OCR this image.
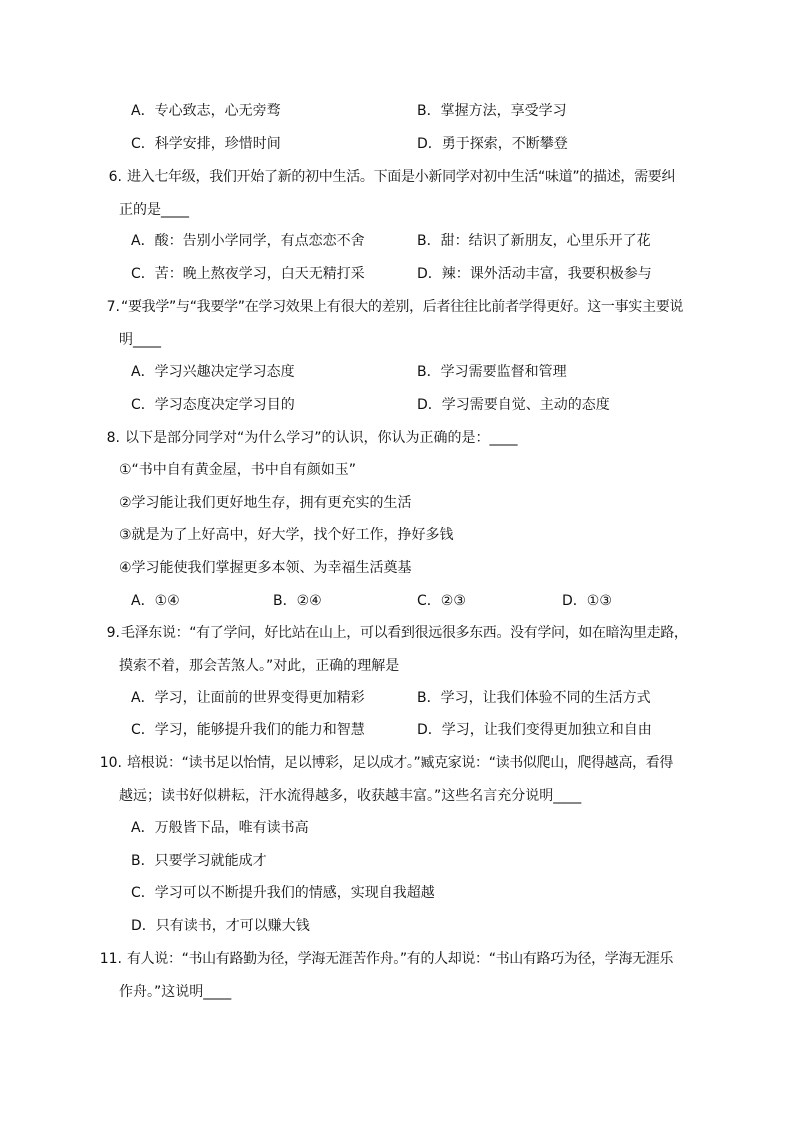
A．专心致志，心无旁骛	B．掌握方法，享受学习
C．科学安排，珍惜时间	D．勇于探索，不断攀登
6. 进入七年级，我们开始了新的初中生活。下面是小新同学对初中生活“味道”的描述，需要纠
正的是____
A．酸：告别小学同学，有点恋恋不舍	B．甜：结识了新朋友，心里乐开了花
C．苦：晚上熬夜学习，白天无精打采	D．辣：课外活动丰富，我要积极参与
7. “要我学”与“我要学”在学习效果上有很大的差别，后者往往比前者学得更好。这一事实主要说
明____
A．学习兴趣决定学习态度	B．学习需要监督和管理
C．学习态度决定学习目的	D．学习需要自觉、主动的态度
8. 以下是部分同学对“为什么学习”的认识，你认为正确的是：____
①“书中自有黄金屋，书中自有颜如玉”
②学习能让我们更好地生存，拥有更充实的生活
③就是为了上好高中，好大学，找个好工作，挣好多钱
④学习能使我们掌握更多本领、为幸福生活奠基
A．①④	B．②④	C．②③	D．①③
9. 毛泽东说：“有了学问，好比站在山上，可以看到很远很多东西。没有学问，如在暗沟里走路，
摸索不着，那会苦煞人。”对此，正确的理解是
A．学习，让面前的世界变得更加精彩	B．学习，让我们体验不同的生活方式
C．学习，能够提升我们的能力和智慧	D．学习，让我们变得更加独立和自由
10. 培根说：“读书足以怡情，足以博彩，足以成才。”臧克家说：“读书似爬山，爬得越高，看得
越远；读书好似耕耘，汗水流得越多，收获越丰富。”这些名言充分说明____
A．万般皆下品，唯有读书高
B．只要学习就能成才
C．学习可以不断提升我们的情感，实现自我超越
D．只有读书，才可以赚大钱
11. 有人说：“书山有路勤为径，学海无涯苦作舟。”有的人却说：“书山有路巧为径，学海无涯乐
作舟。”这说明____
